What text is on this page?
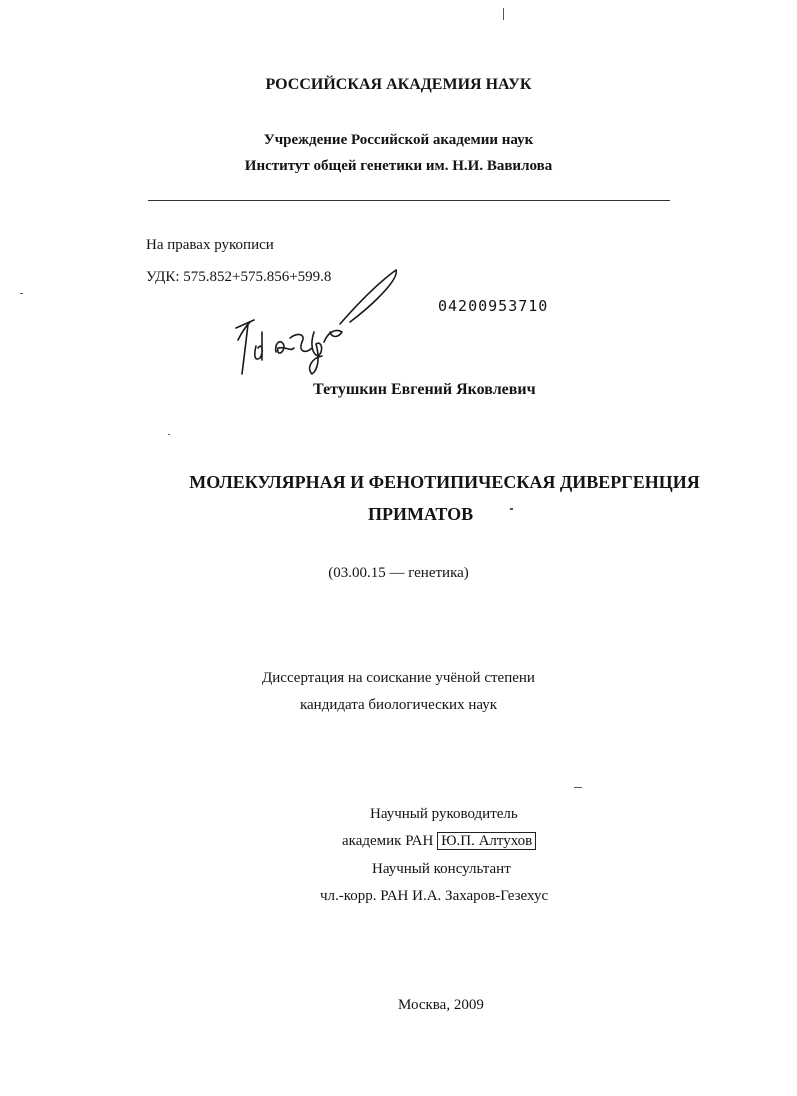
РОССИЙСКАЯ АКАДЕМИЯ НАУК
Учреждение Российской академии наук
Институт общей генетики им. Н.И. Вавилова
На правах рукописи
УДК: 575.852+575.856+599.8
04200953710
Тетушкин Евгений Яковлевич
МОЛЕКУЛЯРНАЯ И ФЕНОТИПИЧЕСКАЯ ДИВЕРГЕНЦИЯ
ПРИМАТОВ
(03.00.15 — генетика)
Диссертация на соискание учёной степени
кандидата биологических наук
Научный руководитель
академик РАН Ю.П. Алтухов
Научный консультант
чл.-корр. РАН И.А. Захаров-Гезехус
Москва, 2009
